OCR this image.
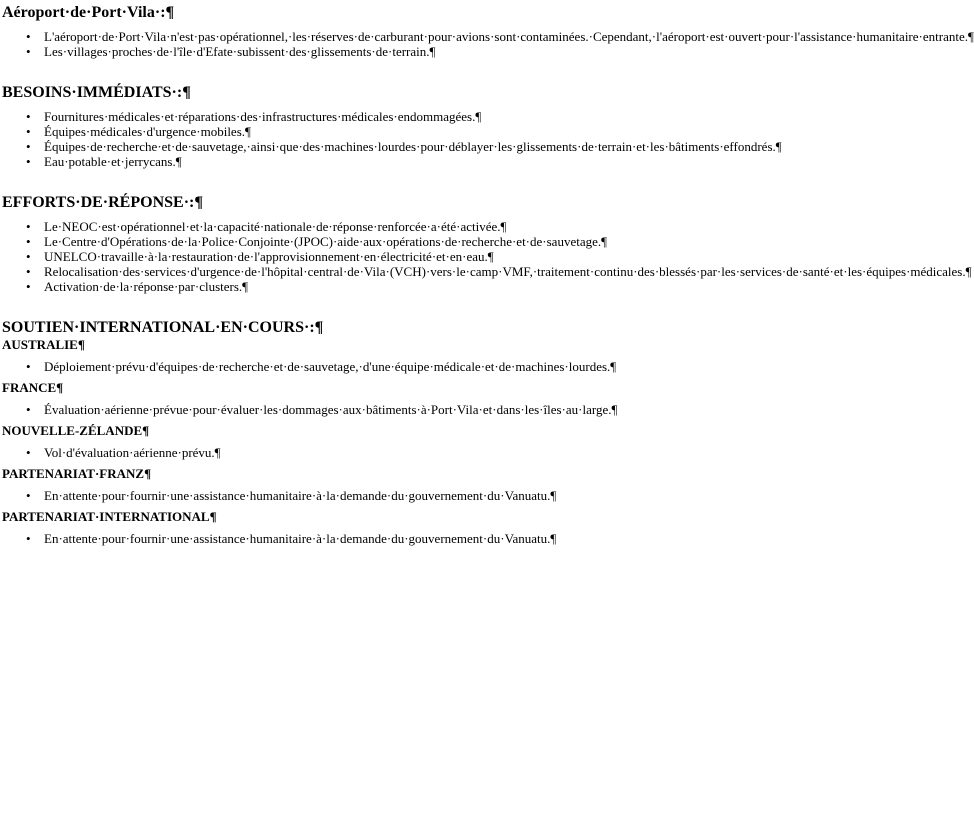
Aéroport·de·Port·Vila·:¶
• L'aéroport·de·Port·Vila·n'est·pas·opérationnel,·les·réserves·de·carburant·pour·avions·sont·contaminées.·Cependant,·l'aéroport·est·ouvert·pour·l'assistance·humanitaire·entrante.¶
• Les·villages·proches·de·l'île·d'Efate·subissent·des·glissements·de·terrain.¶
BESOINS·IMMÉDIATS·:¶
• Fournitures·médicales·et·réparations·des·infrastructures·médicales·endommagées.¶
• Équipes·médicales·d'urgence·mobiles.¶
• Équipes·de·recherche·et·de·sauvetage,·ainsi·que·des·machines·lourdes·pour·déblayer·les·glissements·de·terrain·et·les·bâtiments·effondrés.¶
• Eau·potable·et·jerrycans.¶
EFFORTS·DE·RÉPONSE·:¶
• Le·NEOC·est·opérationnel·et·la·capacité·nationale·de·réponse·renforcée·a·été·activée.¶
• Le·Centre·d'Opérations·de·la·Police·Conjointe·(JPOC)·aide·aux·opérations·de·recherche·et·de·sauvetage.¶
• UNELCO·travaille·à·la·restauration·de·l'approvisionnement·en·électricité·et·en·eau.¶
• Relocalisation·des·services·d'urgence·de·l'hôpital·central·de·Vila·(VCH)·vers·le·camp·VMF,·traitement·continu·des·blessés·par·les·services·de·santé·et·les·équipes·médicales.¶
• Activation·de·la·réponse·par·clusters.¶
SOUTIEN·INTERNATIONAL·EN·COURS·:¶
AUSTRALIE¶
• Déploiement·prévu·d'équipes·de·recherche·et·de·sauvetage,·d'une·équipe·médicale·et·de·machines·lourdes.¶
FRANCE¶
• Évaluation·aérienne·prévue·pour·évaluer·les·dommages·aux·bâtiments·à·Port·Vila·et·dans·les·îles·au·large.¶
NOUVELLE-ZÉLANDE¶
• Vol·d'évaluation·aérienne·prévu.¶
PARTENARIAT·FRANZ¶
• En·attente·pour·fournir·une·assistance·humanitaire·à·la·demande·du·gouvernement·du·Vanuatu.¶
PARTENARIAT·INTERNATIONAL¶
• En·attente·pour·fournir·une·assistance·humanitaire·à·la·demande·du·gouvernement·du·Vanuatu.¶
